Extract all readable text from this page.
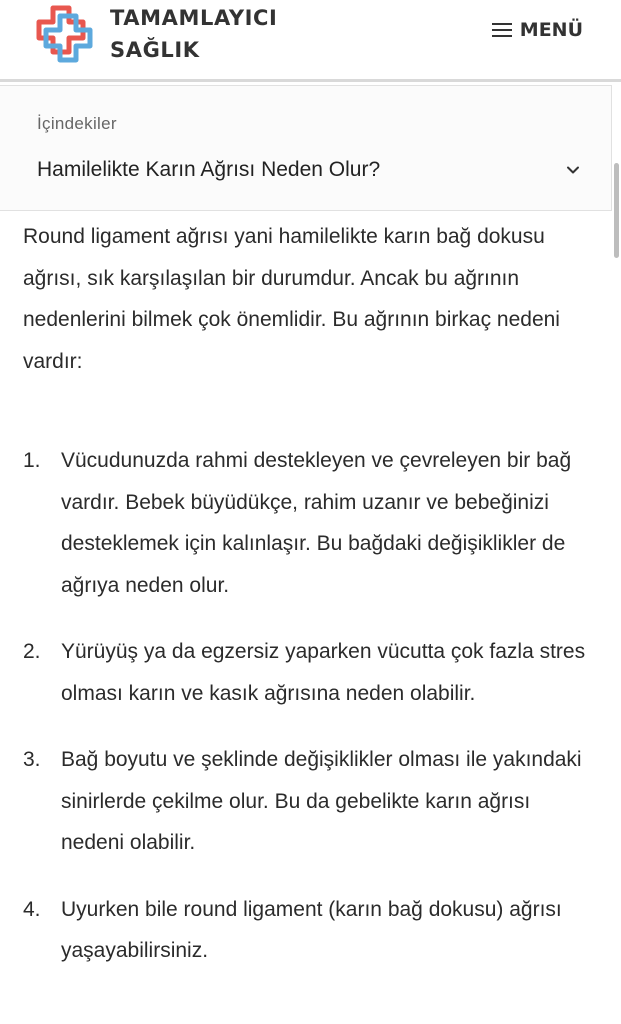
TAMAMLAYICI
SAĞLIK
MENÜ
İçindekiler
Hamilelikte Karın Ağrısı Neden Olur?

Round ligament ağrısı yani hamilelikte karın bağ dokusu ağrısı, sık karşılaşılan bir durumdur. Ancak bu ağrının nedenlerini bilmek çok önemlidir. Bu ağrının birkaç nedeni vardır:

1. Vücudunuzda rahmi destekleyen ve çevreleyen bir bağ vardır. Bebek büyüdükçe, rahim uzanır ve bebeğinizi desteklemek için kalınlaşır. Bu bağdaki değişiklikler de ağrıya neden olur.
2. Yürüyüş ya da egzersiz yaparken vücutta çok fazla stres olması karın ve kasık ağrısına neden olabilir.
3. Bağ boyutu ve şeklinde değişiklikler olması ile yakındaki sinirlerde çekilme olur. Bu da gebelikte karın ağrısı nedeni olabilir.
4. Uyurken bile round ligament (karın bağ dokusu) ağrısı yaşayabilirsiniz.
